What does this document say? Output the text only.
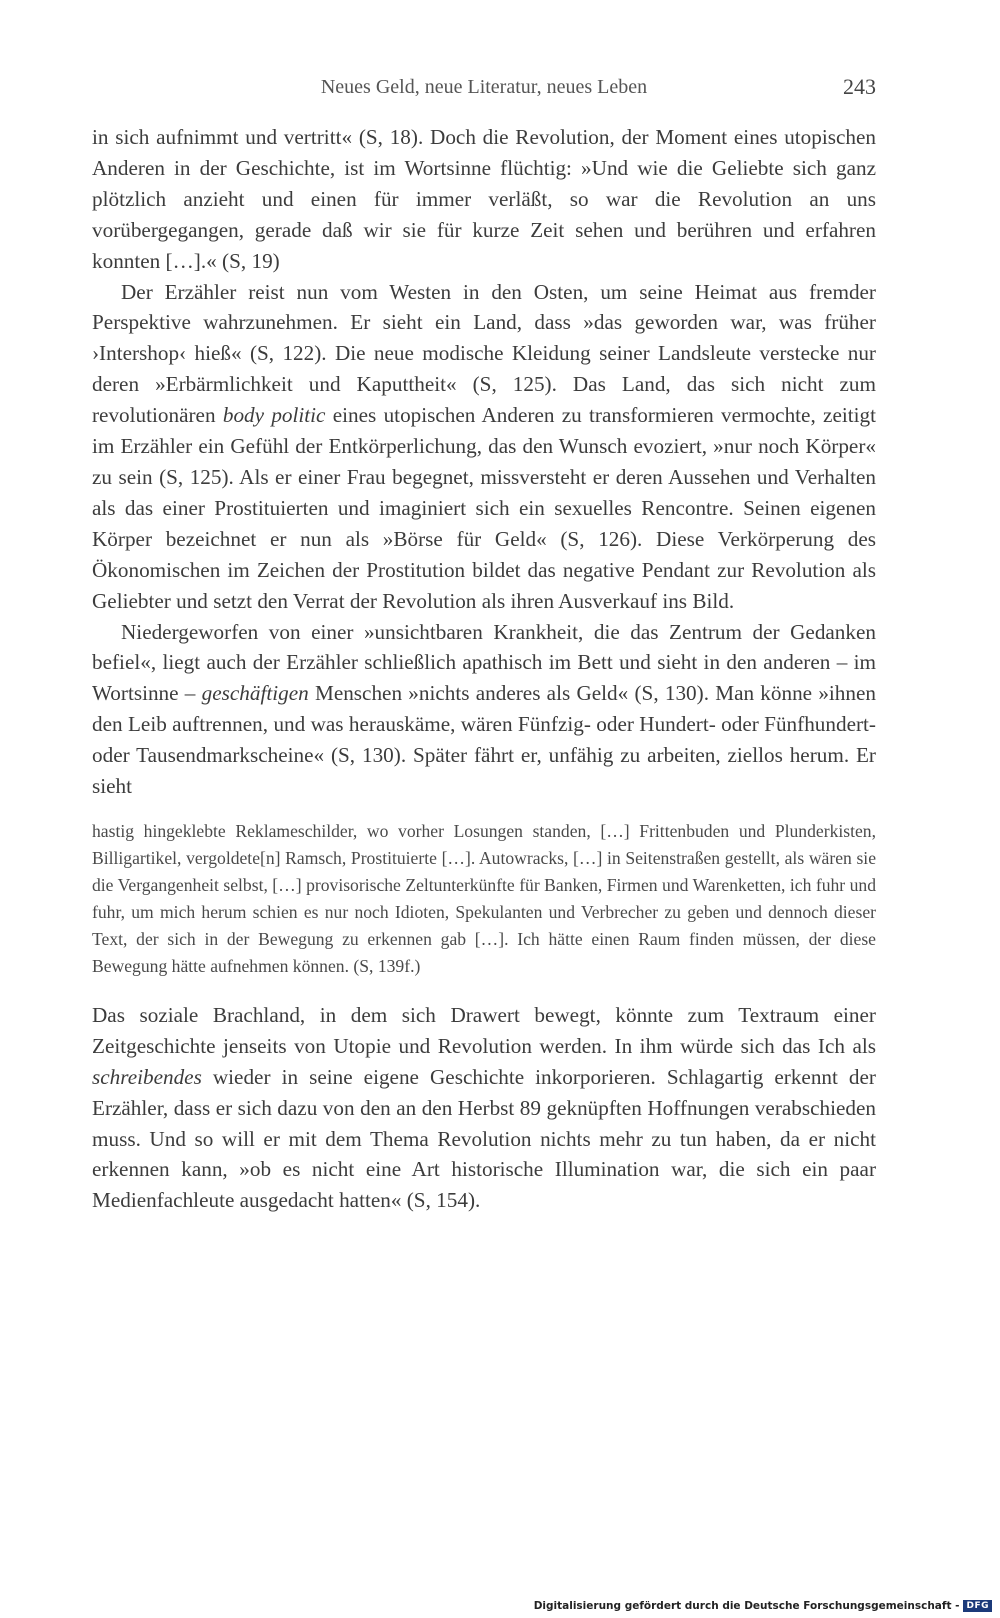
Neues Geld, neue Literatur, neues Leben	243

in sich aufnimmt und vertritt« (S, 18). Doch die Revolution, der Moment eines utopischen Anderen in der Geschichte, ist im Wortsinne flüchtig: »Und wie die Geliebte sich ganz plötzlich anzieht und einen für immer verläßt, so war die Revolution an uns vorübergegangen, gerade daß wir sie für kurze Zeit sehen und berühren und erfahren konnten […].« (S, 19)

Der Erzähler reist nun vom Westen in den Osten, um seine Heimat aus fremder Perspektive wahrzunehmen. Er sieht ein Land, dass »das geworden war, was früher ›Intershop‹ hieß« (S, 122). Die neue modische Kleidung seiner Landsleute verstecke nur deren »Erbärmlichkeit und Kaputtheit« (S, 125). Das Land, das sich nicht zum revolutionären body politic eines utopischen Anderen zu transformieren vermochte, zeitigt im Erzähler ein Gefühl der Entkörperlichung, das den Wunsch evoziert, »nur noch Körper« zu sein (S, 125). Als er einer Frau begegnet, missversteht er deren Aussehen und Verhalten als das einer Prostituierten und imaginiert sich ein sexuelles Rencontre. Seinen eigenen Körper bezeichnet er nun als »Börse für Geld« (S, 126). Diese Verkörperung des Ökonomischen im Zeichen der Prostitution bildet das negative Pendant zur Revolution als Geliebter und setzt den Verrat der Revolution als ihren Ausverkauf ins Bild.

Niedergeworfen von einer »unsichtbaren Krankheit, die das Zentrum der Gedanken befiel«, liegt auch der Erzähler schließlich apathisch im Bett und sieht in den anderen – im Wortsinne – geschäftigen Menschen »nichts anderes als Geld« (S, 130). Man könne »ihnen den Leib auftrennen, und was herauskäme, wären Fünfzig- oder Hundert- oder Fünfhundert- oder Tausendmarkscheine« (S, 130). Später fährt er, unfähig zu arbeiten, ziellos herum. Er sieht

hastig hingeklebte Reklameschilder, wo vorher Losungen standen, […] Frittenbuden und Plunderkisten, Billigartikel, vergoldete[n] Ramsch, Prostituierte […]. Autowracks, […] in Seitenstraßen gestellt, als wären sie die Vergangenheit selbst, […] provisorische Zeltunterkünfte für Banken, Firmen und Warenketten, ich fuhr und fuhr, um mich herum schien es nur noch Idioten, Spekulanten und Verbrecher zu geben und dennoch dieser Text, der sich in der Bewegung zu erkennen gab […]. Ich hätte einen Raum finden müssen, der diese Bewegung hätte aufnehmen können. (S, 139f.)

Das soziale Brachland, in dem sich Drawert bewegt, könnte zum Textraum einer Zeitgeschichte jenseits von Utopie und Revolution werden. In ihm würde sich das Ich als schreibendes wieder in seine eigene Geschichte inkorporieren. Schlagartig erkennt der Erzähler, dass er sich dazu von den an den Herbst 89 geknüpften Hoffnungen verabschieden muss. Und so will er mit dem Thema Revolution nichts mehr zu tun haben, da er nicht erkennen kann, »ob es nicht eine Art historische Illumination war, die sich ein paar Medienfachleute ausgedacht hatten« (S, 154).

Digitalisierung gefördert durch die Deutsche Forschungsgemeinschaft - DFG
